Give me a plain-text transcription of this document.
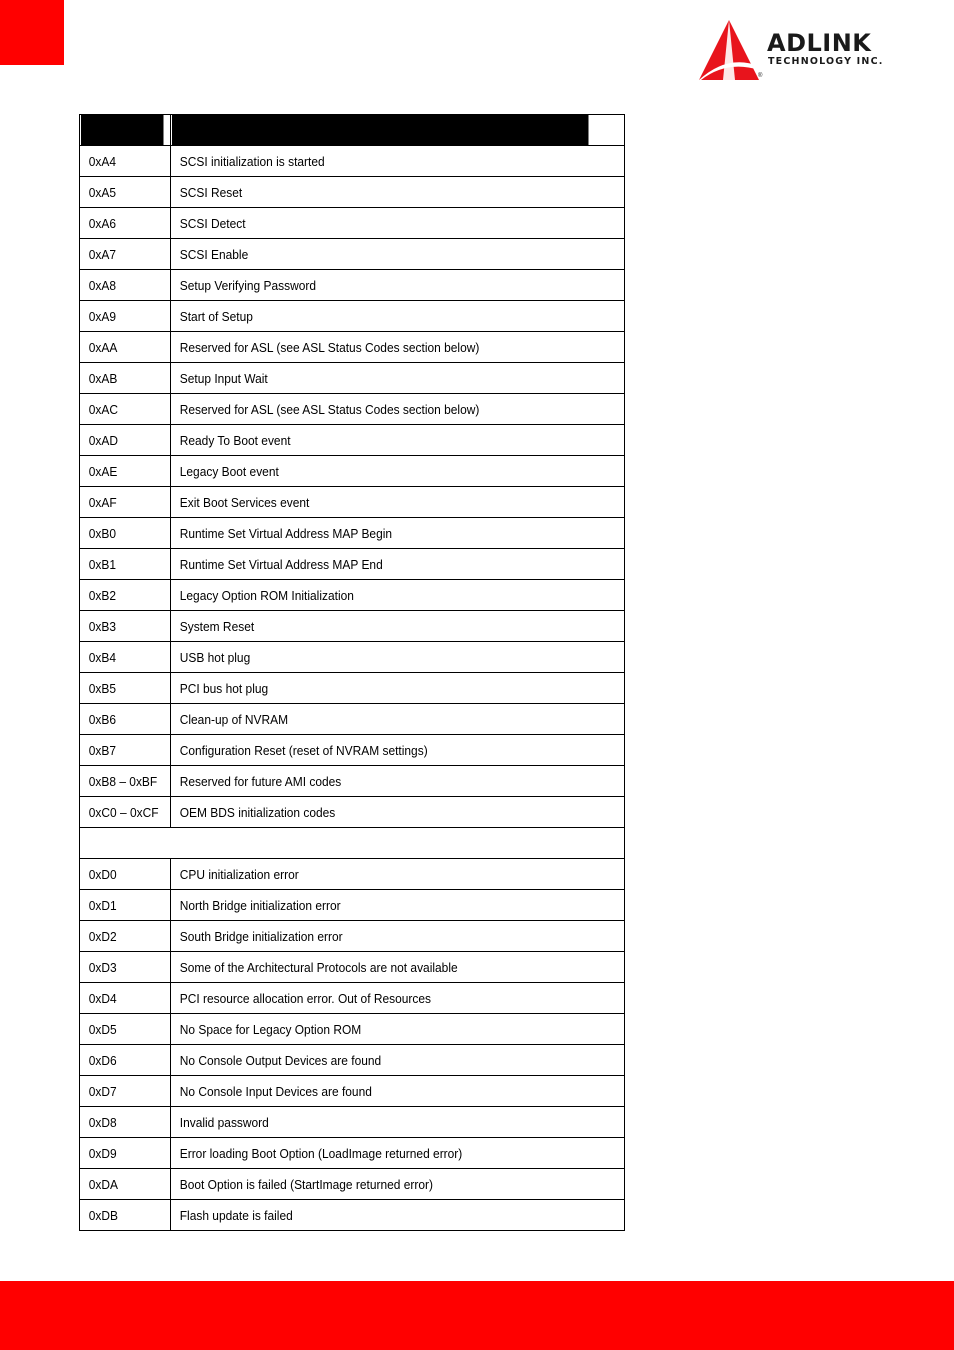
ADLINK
TECHNOLOGY INC.
®

0xA4	SCSI initialization is started
0xA5	SCSI Reset
0xA6	SCSI Detect
0xA7	SCSI Enable
0xA8	Setup Verifying Password
0xA9	Start of Setup
0xAA	Reserved for ASL (see ASL Status Codes section below)
0xAB	Setup Input Wait
0xAC	Reserved for ASL (see ASL Status Codes section below)
0xAD	Ready To Boot event
0xAE	Legacy Boot event
0xAF	Exit Boot Services event
0xB0	Runtime Set Virtual Address MAP Begin
0xB1	Runtime Set Virtual Address MAP End
0xB2	Legacy Option ROM Initialization
0xB3	System Reset
0xB4	USB hot plug
0xB5	PCI bus hot plug
0xB6	Clean-up of NVRAM
0xB7	Configuration Reset (reset of NVRAM settings)
0xB8 – 0xBF	Reserved for future AMI codes
0xC0 – 0xCF	OEM BDS initialization codes

0xD0	CPU initialization error
0xD1	North Bridge initialization error
0xD2	South Bridge initialization error
0xD3	Some of the Architectural Protocols are not available
0xD4	PCI resource allocation error. Out of Resources
0xD5	No Space for Legacy Option ROM
0xD6	No Console Output Devices are found
0xD7	No Console Input Devices are found
0xD8	Invalid password
0xD9	Error loading Boot Option (LoadImage returned error)
0xDA	Boot Option is failed (StartImage returned error)
0xDB	Flash update is failed
